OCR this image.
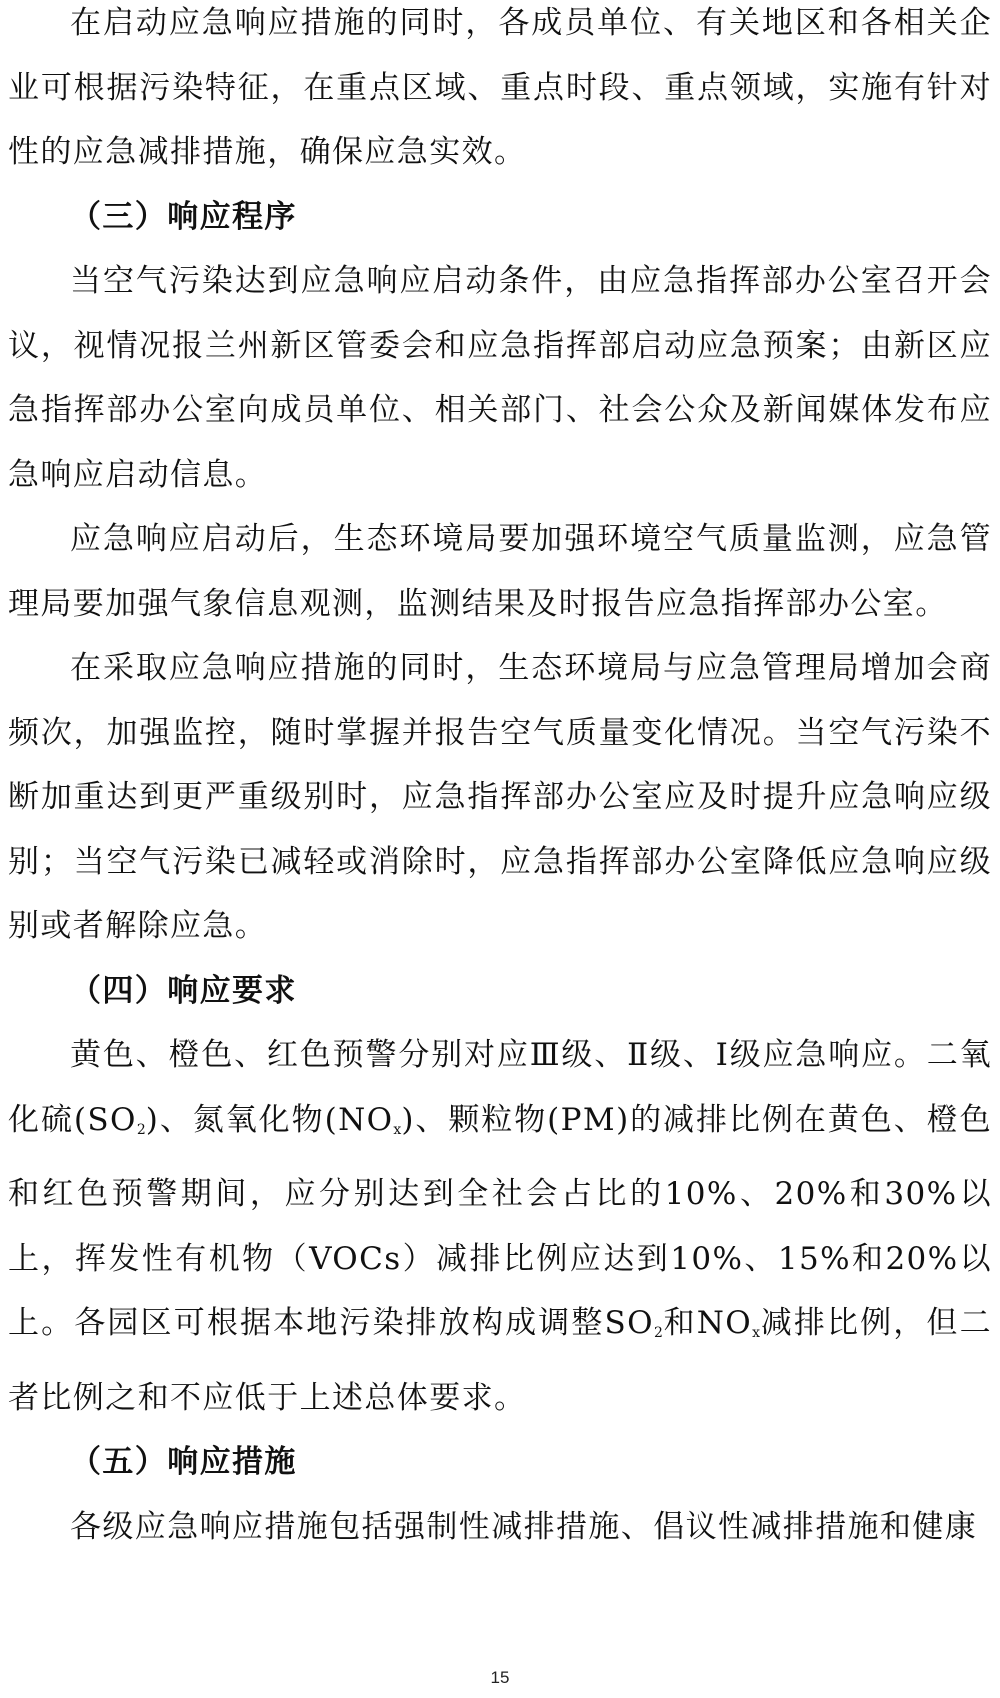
在启动应急响应措施的同时，各成员单位、有关地区和各相关企业可根据污染特征，在重点区域、重点时段、重点领域，实施有针对性的应急减排措施，确保应急实效。

（三）响应程序

当空气污染达到应急响应启动条件，由应急指挥部办公室召开会议，视情况报兰州新区管委会和应急指挥部启动应急预案；由新区应急指挥部办公室向成员单位、相关部门、社会公众及新闻媒体发布应急响应启动信息。

应急响应启动后，生态环境局要加强环境空气质量监测，应急管理局要加强气象信息观测，监测结果及时报告应急指挥部办公室。

在采取应急响应措施的同时，生态环境局与应急管理局增加会商频次，加强监控，随时掌握并报告空气质量变化情况。当空气污染不断加重达到更严重级别时，应急指挥部办公室应及时提升应急响应级别；当空气污染已减轻或消除时，应急指挥部办公室降低应急响应级别或者解除应急。

（四）响应要求

黄色、橙色、红色预警分别对应Ⅲ级、Ⅱ级、Ⅰ级应急响应。二氧化硫$(SO_2)$、氮氧化物$(NO_x)$、颗粒物(PM)的减排比例在黄色、橙色和红色预警期间，应分别达到全社会占比的10%、20%和30%以上，挥发性有机物（VOCs）减排比例应达到10%、15%和20%以上。各园区可根据本地污染排放构成调整$SO_2$和$NO_x$减排比例，但二者比例之和不应低于上述总体要求。

（五）响应措施

各级应急响应措施包括强制性减排措施、倡议性减排措施和健康

15
